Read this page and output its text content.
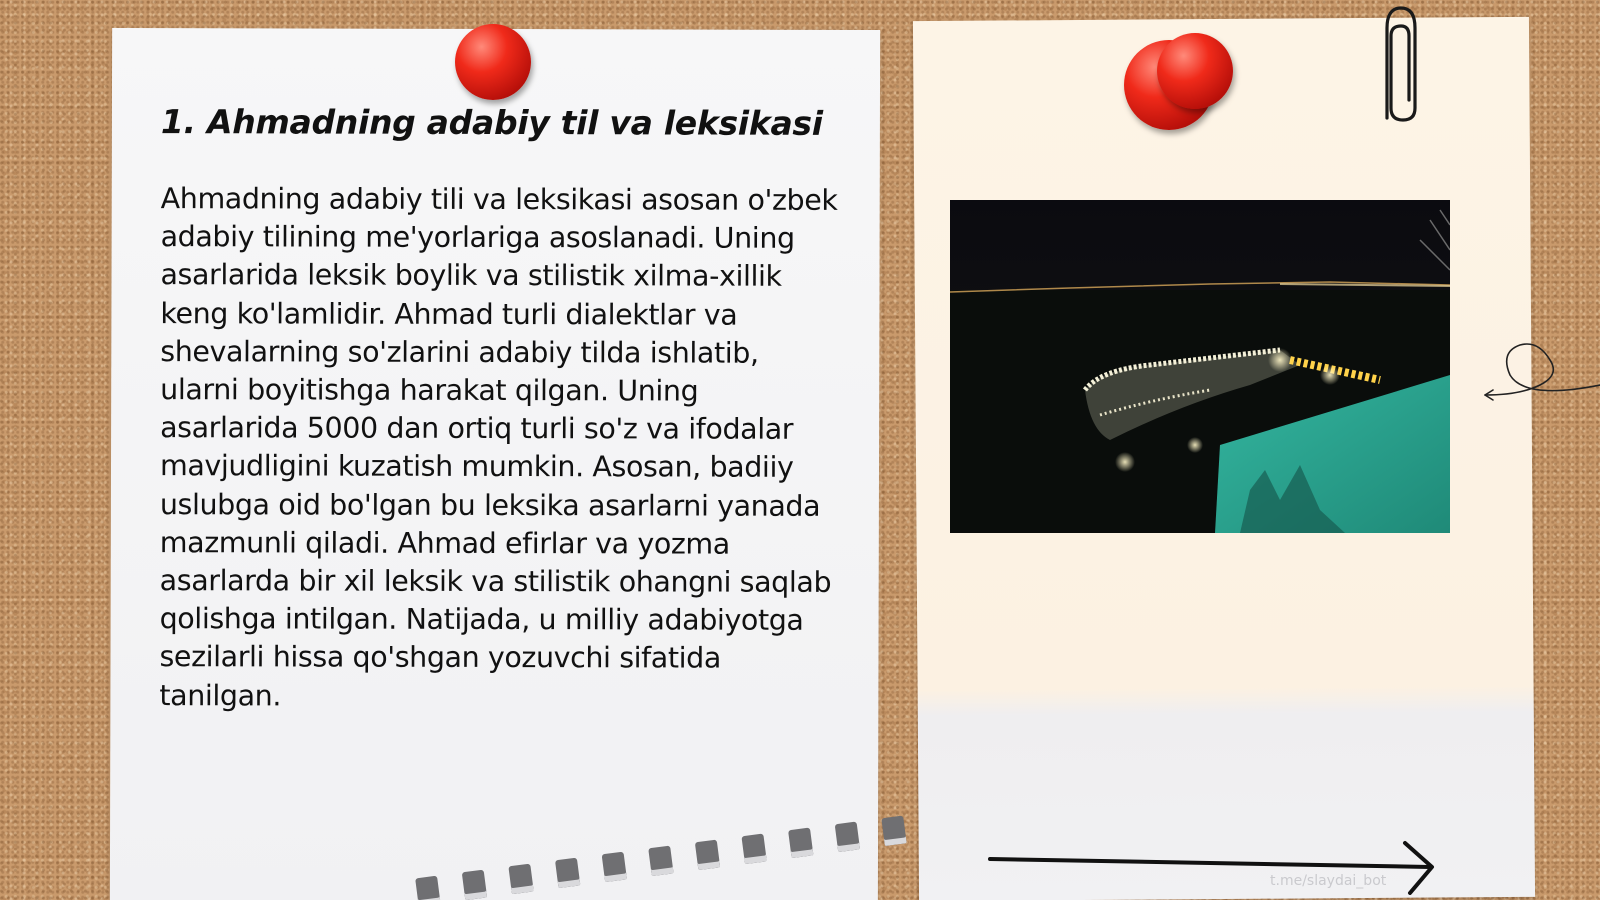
1. Ahmadning adabiy til va leksikasi

Ahmadning adabiy tili va leksikasi asosan o'zbek adabiy tilining me'yorlariga asoslanadi. Uning asarlarida leksik boylik va stilistik xilma-xillik keng ko'lamlidir. Ahmad turli dialektlar va shevalarning so'zlarini adabiy tilda ishlatib, ularni boyitishga harakat qilgan. Uning asarlarida 5000 dan ortiq turli so'z va ifodalar mavjudligini kuzatish mumkin. Asosan, badiiy uslubga oid bo'lgan bu leksika asarlarni yanada mazmunli qiladi. Ahmad efirlar va yozma asarlarda bir xil leksik va stilistik ohangni saqlab qolishga intilgan. Natijada, u milliy adabiyotga sezilarli hissa qo'shgan yozuvchi sifatida tanilgan.

t.me/slaydai_bot
